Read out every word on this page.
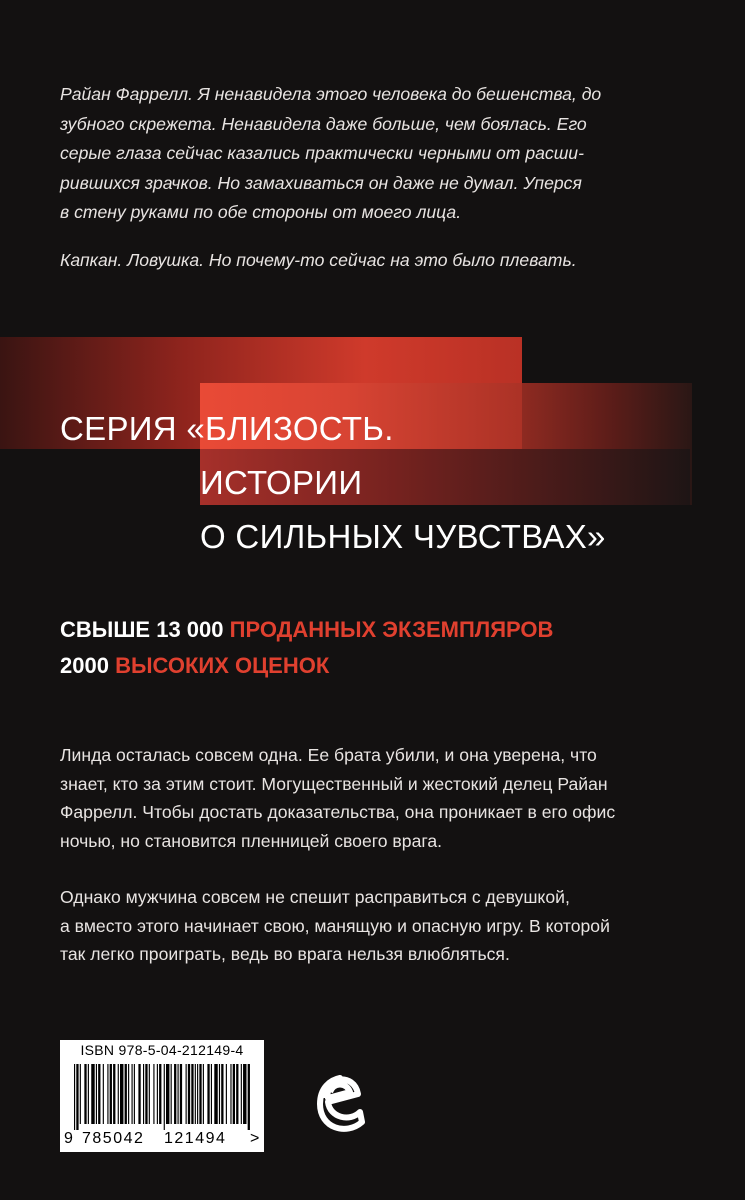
Райан Фаррелл. Я ненавидела этого человека до бешенства, до
зубного скрежета. Ненавидела даже больше, чем боялась. Его
серые глаза сейчас казались практически черными от расши-
рившихся зрачков. Но замахиваться он даже не думал. Уперся
в стену руками по обе стороны от моего лица.

Капкан. Ловушка. Но почему-то сейчас на это было плевать.

СЕРИЯ «БЛИЗОСТЬ.
ИСТОРИИ
О СИЛЬНЫХ ЧУВСТВАХ»
СВЫШЕ 13 000 ПРОДАННЫХ ЭКЗЕМПЛЯРОВ
2000 ВЫСОКИХ ОЦЕНОК

Линда осталась совсем одна. Ее брата убили, и она уверена, что
знает, кто за этим стоит. Могущественный и жестокий делец Райан
Фаррелл. Чтобы достать доказательства, она проникает в его офис
ночью, но становится пленницей своего врага.

Однако мужчина совсем не спешит расправиться с девушкой,
а вместо этого начинает свою, манящую и опасную игру. В которой
так легко проиграть, ведь во врага нельзя влюбляться.

ISBN 978-5-04-212149-4
9 785042 121494 >
